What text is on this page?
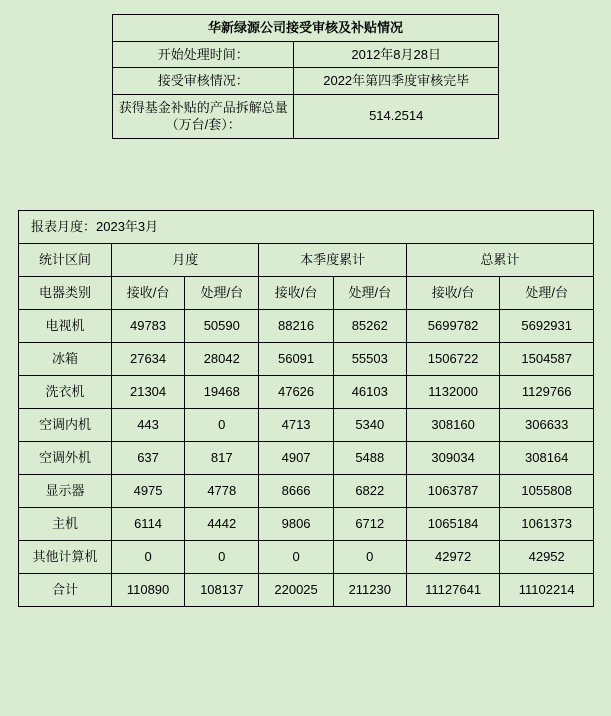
华新绿源公司接受审核及补贴情况	
开始处理时间：	2012年8月28日
接受审核情况：	2022年第四季度审核完毕
获得基金补贴的产品拆解总量（万台/套）：	514.2514
报表月度：2023年3月						
统计区间	月度		本季度累计		总累计	
电器类别	接收/台	处理/台	接收/台	处理/台	接收/台	处理/台
电视机	49783	50590	88216	85262	5699782	5692931
冰箱	27634	28042	56091	55503	1506722	1504587
洗衣机	21304	19468	47626	46103	1132000	1129766
空调内机	443	0	4713	5340	308160	306633
空调外机	637	817	4907	5488	309034	308164
显示器	4975	4778	8666	6822	1063787	1055808
主机	6114	4442	9806	6712	1065184	1061373
其他计算机	0	0	0	0	42972	42952
合计	110890	108137	220025	211230	11127641	11102214
